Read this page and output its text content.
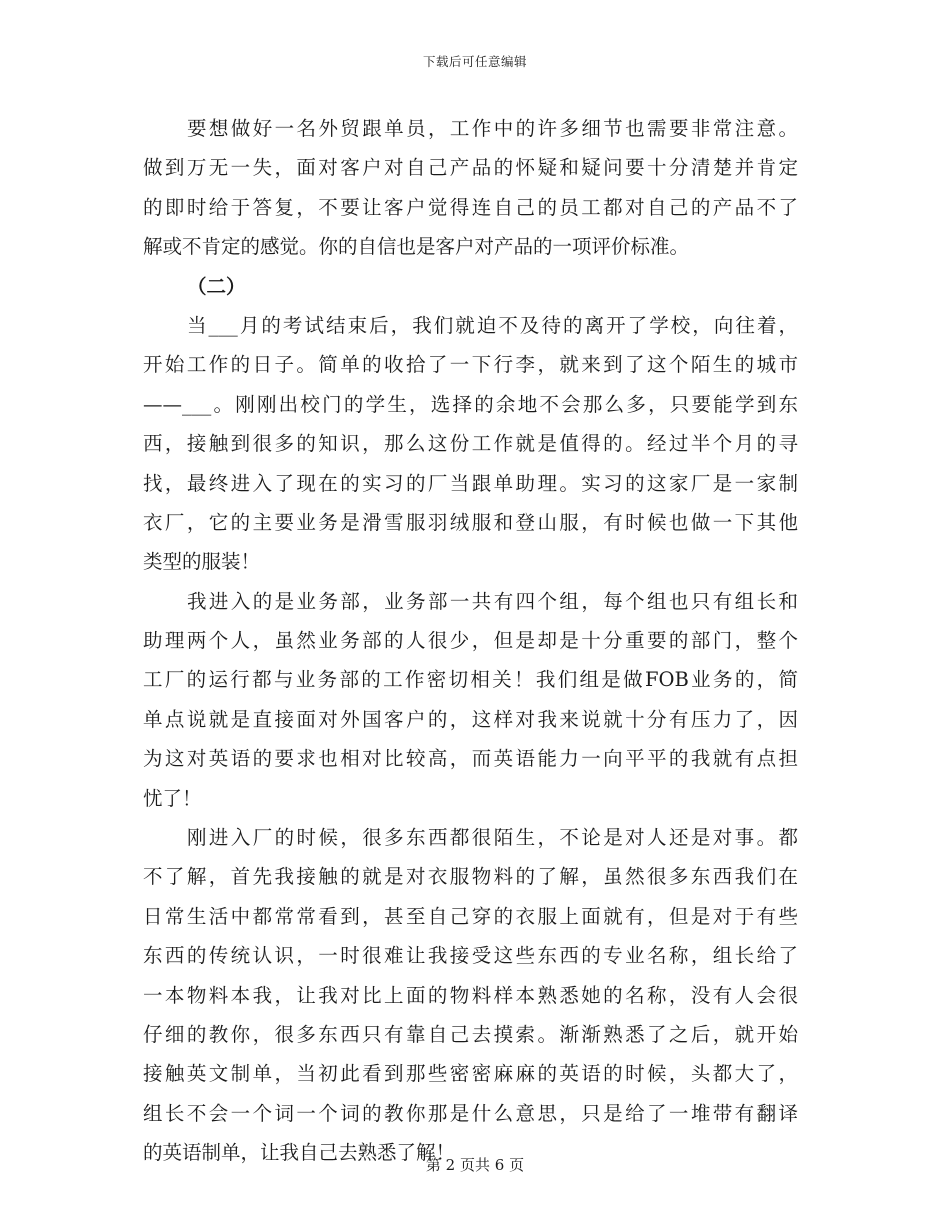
下载后可任意编辑
要想做好一名外贸跟单员，工作中的许多细节也需要非常注意。
做到万无一失，面对客户对自己产品的怀疑和疑问要十分清楚并肯定
的即时给于答复，不要让客户觉得连自己的员工都对自己的产品不了
解或不肯定的感觉。你的自信也是客户对产品的一项评价标准。
（二）
当___月的考试结束后，我们就迫不及待的离开了学校，向往着，
开始工作的日子。简单的收拾了一下行李，就来到了这个陌生的城市
——___。刚刚出校门的学生，选择的余地不会那么多，只要能学到东
西，接触到很多的知识，那么这份工作就是值得的。经过半个月的寻
找，最终进入了现在的实习的厂当跟单助理。实习的这家厂是一家制
衣厂，它的主要业务是滑雪服羽绒服和登山服，有时候也做一下其他
类型的服装！
我进入的是业务部，业务部一共有四个组，每个组也只有组长和
助理两个人，虽然业务部的人很少，但是却是十分重要的部门，整个
工厂的运行都与业务部的工作密切相关！我们组是做FOB业务的，简
单点说就是直接面对外国客户的，这样对我来说就十分有压力了，因
为这对英语的要求也相对比较高，而英语能力一向平平的我就有点担
忧了！
刚进入厂的时候，很多东西都很陌生，不论是对人还是对事。都
不了解，首先我接触的就是对衣服物料的了解，虽然很多东西我们在
日常生活中都常常看到，甚至自己穿的衣服上面就有，但是对于有些
东西的传统认识，一时很难让我接受这些东西的专业名称，组长给了
一本物料本我，让我对比上面的物料样本熟悉她的名称，没有人会很
仔细的教你，很多东西只有靠自己去摸索。渐渐熟悉了之后，就开始
接触英文制单，当初此看到那些密密麻麻的英语的时候，头都大了，
组长不会一个词一个词的教你那是什么意思，只是给了一堆带有翻译
的英语制单，让我自己去熟悉了解！
第 2 页共 6 页
